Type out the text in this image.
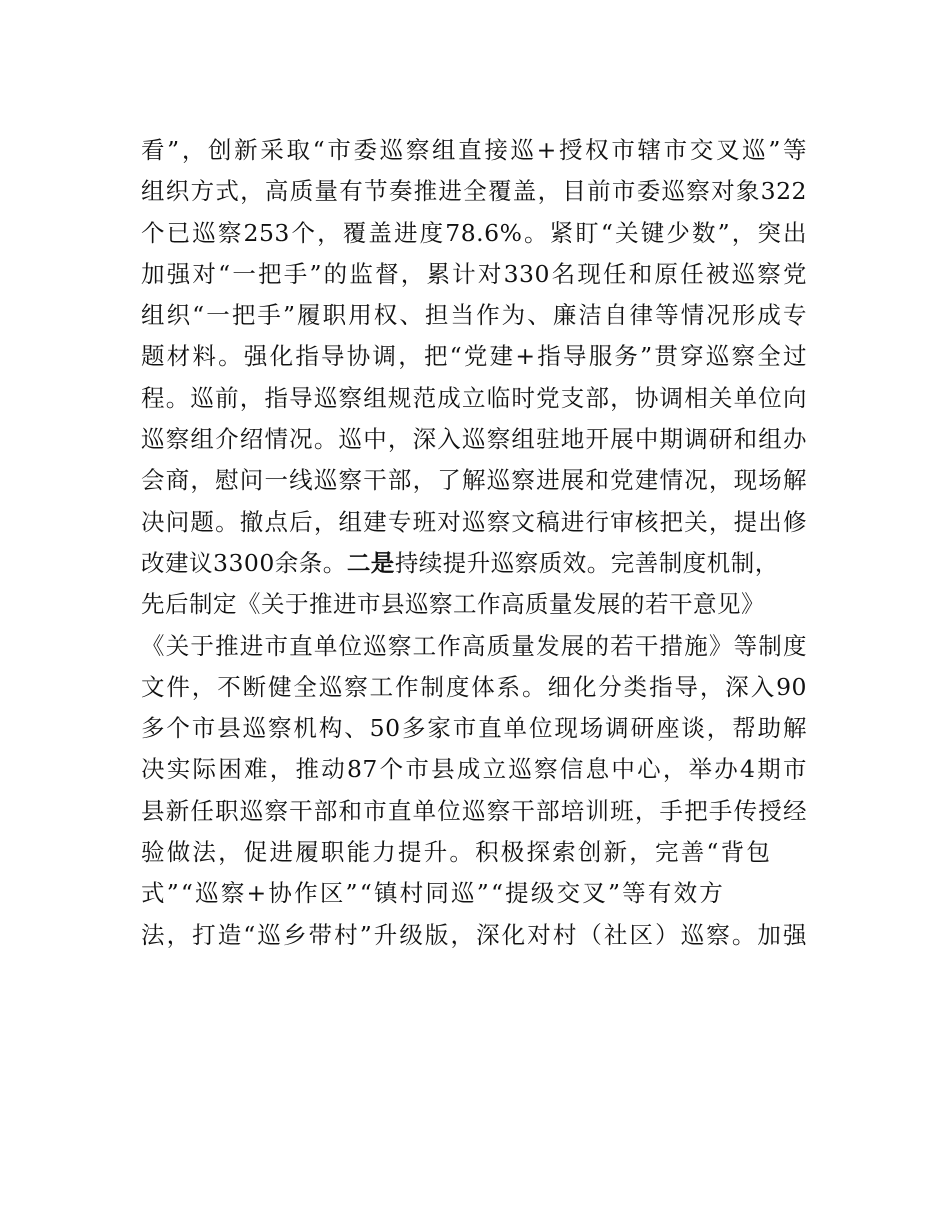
看”，创新采取“市委巡察组直接巡+授权市辖市交叉巡”等
组织方式，高质量有节奏推进全覆盖，目前市委巡察对象322
个已巡察253个，覆盖进度78.6%。紧盯“关键少数”，突出
加强对“一把手”的监督，累计对330名现任和原任被巡察党
组织“一把手”履职用权、担当作为、廉洁自律等情况形成专
题材料。强化指导协调，把“党建+指导服务”贯穿巡察全过
程。巡前，指导巡察组规范成立临时党支部，协调相关单位向
巡察组介绍情况。巡中，深入巡察组驻地开展中期调研和组办
会商，慰问一线巡察干部，了解巡察进展和党建情况，现场解
决问题。撤点后，组建专班对巡察文稿进行审核把关，提出修
改建议3300余条。二是持续提升巡察质效。完善制度机制，
先后制定《关于推进市县巡察工作高质量发展的若干意见》
《关于推进市直单位巡察工作高质量发展的若干措施》等制度
文件，不断健全巡察工作制度体系。细化分类指导，深入90
多个市县巡察机构、50多家市直单位现场调研座谈，帮助解
决实际困难，推动87个市县成立巡察信息中心，举办4期市
县新任职巡察干部和市直单位巡察干部培训班，手把手传授经
验做法，促进履职能力提升。积极探索创新，完善“背包
式”“巡察+协作区”“镇村同巡”“提级交叉”等有效方
法，打造“巡乡带村”升级版，深化对村（社区）巡察。加强
